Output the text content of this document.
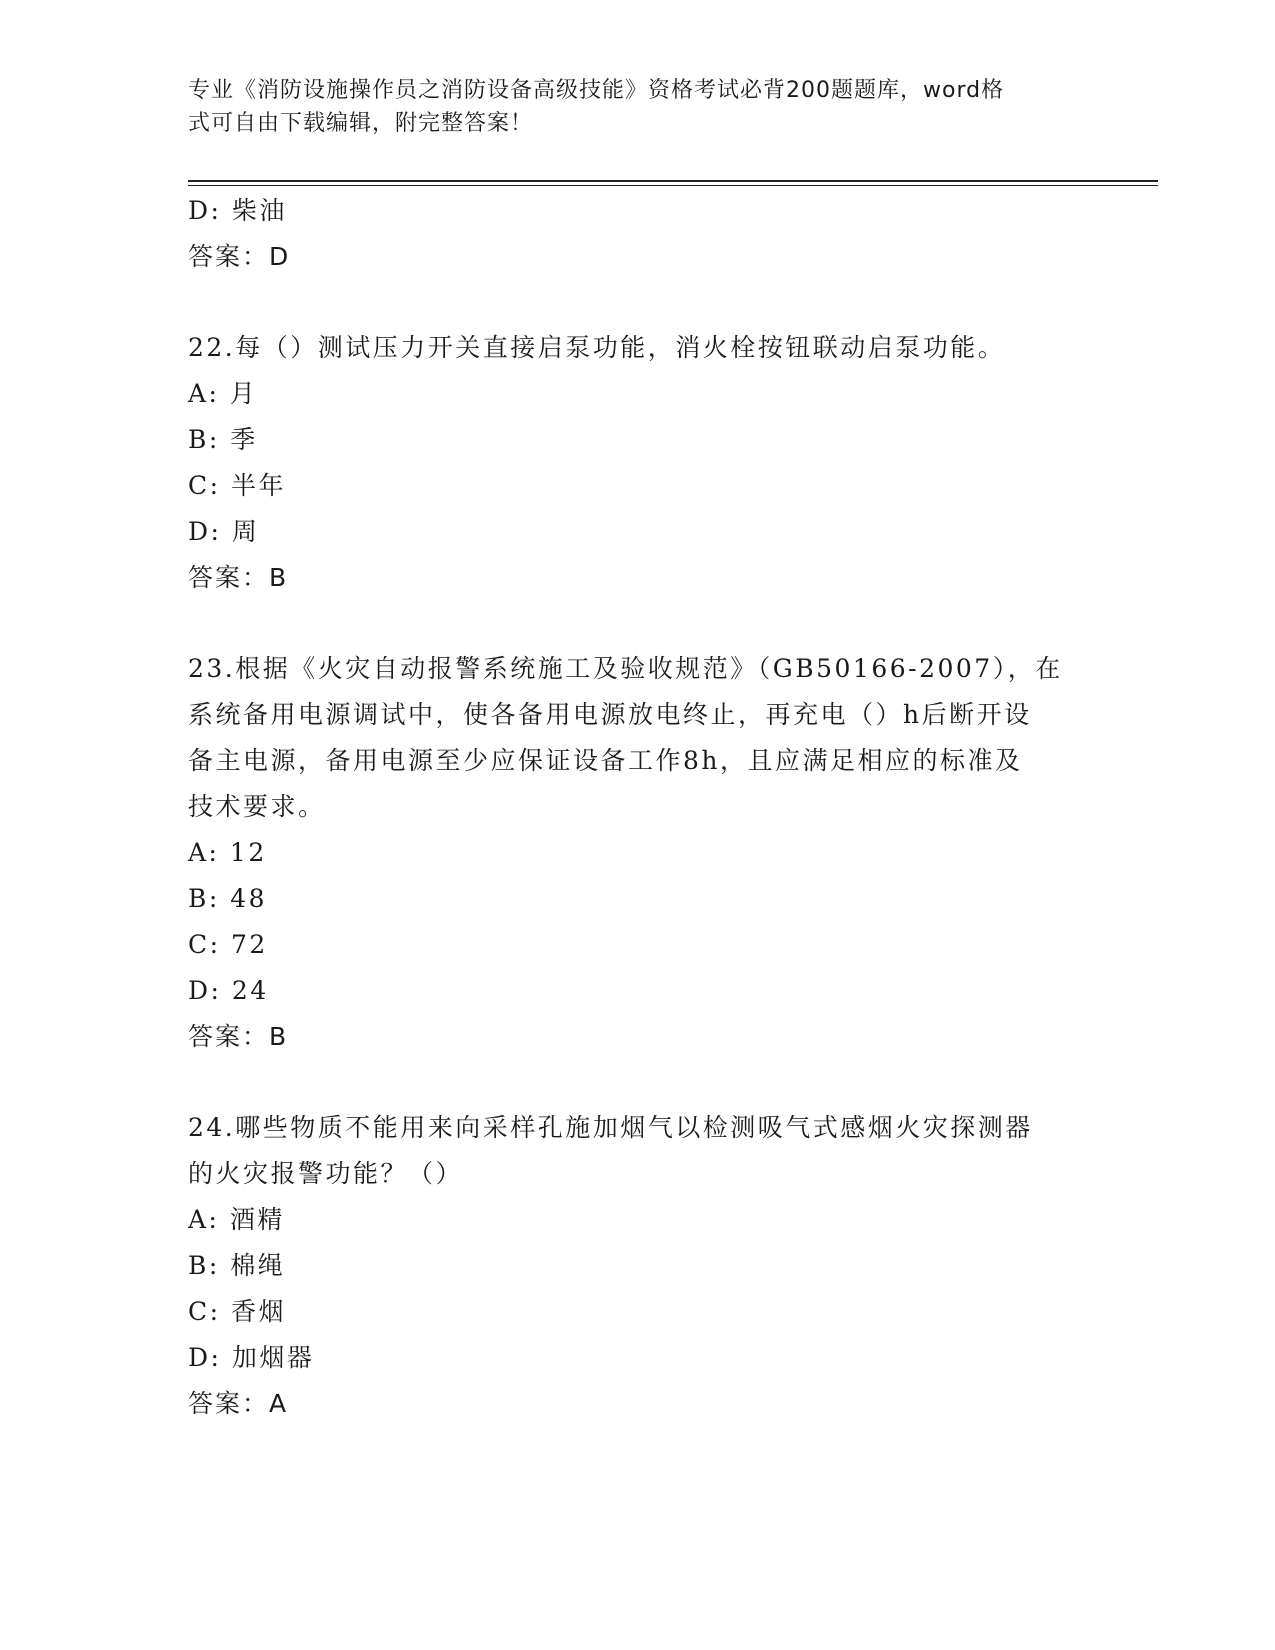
专业《消防设施操作员之消防设备高级技能》资格考试必背200题题库，word格
式可自由下载编辑，附完整答案！
D: 柴油
答案：D
22.每（）测试压力开关直接启泵功能，消火栓按钮联动启泵功能。
A: 月
B: 季
C: 半年
D: 周
答案：B
23.根据《火灾自动报警系统施工及验收规范》（GB50166-2007），在
系统备用电源调试中，使各备用电源放电终止，再充电（）h后断开设
备主电源，备用电源至少应保证设备工作8h，且应满足相应的标准及
技术要求。
A: 12
B: 48
C: 72
D: 24
答案：B
24.哪些物质不能用来向采样孔施加烟气以检测吸气式感烟火灾探测器
的火灾报警功能？（）
A: 酒精
B: 棉绳
C: 香烟
D: 加烟器
答案：A
